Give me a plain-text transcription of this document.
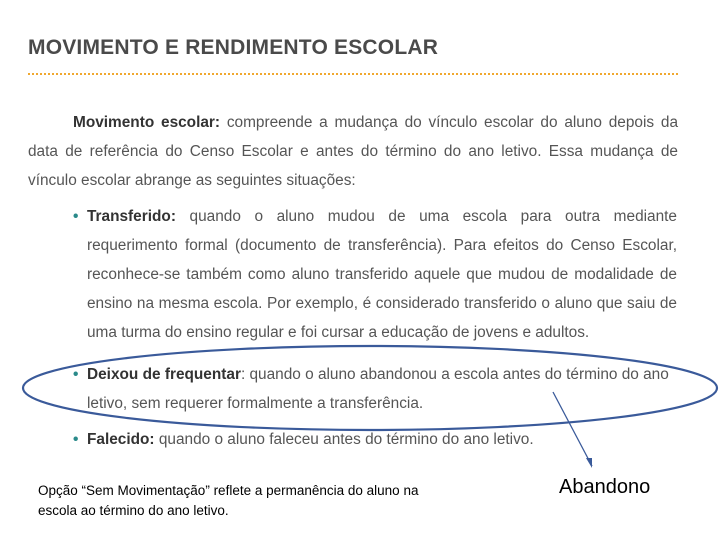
MOVIMENTO E RENDIMENTO ESCOLAR
Movimento escolar: compreende a mudança do vínculo escolar do aluno depois da data de referência do Censo Escolar e antes do término do ano letivo. Essa mudança de vínculo escolar abrange as seguintes situações:
• Transferido: quando o aluno mudou de uma escola para outra mediante requerimento formal (documento de transferência). Para efeitos do Censo Escolar, reconhece-se também como aluno transferido aquele que mudou de modalidade de ensino na mesma escola. Por exemplo, é considerado transferido o aluno que saiu de uma turma do ensino regular e foi cursar a educação de jovens e adultos.
• Deixou de frequentar: quando o aluno abandonou a escola antes do término do ano letivo, sem requerer formalmente a transferência.
• Falecido: quando o aluno faleceu antes do término do ano letivo.
Opção “Sem Movimentação” reflete a permanência do aluno na escola ao término do ano letivo.
Abandono
